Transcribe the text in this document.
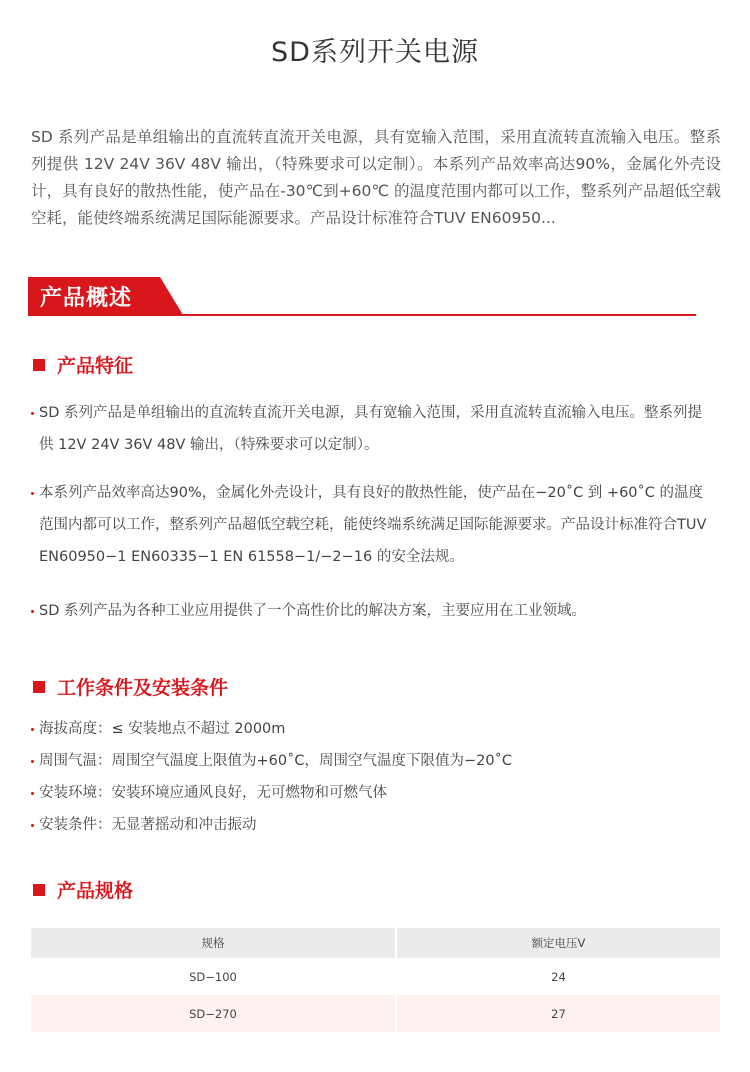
SD系列开关电源
SD 系列产品是单组输出的直流转直流开关电源，具有宽输入范围，采用直流转直流输入电压。整系列提供 12V 24V 36V 48V 输出，（特殊要求可以定制）。本系列产品效率高达90%，金属化外壳设计，具有良好的散热性能，使产品在-30℃到+60℃ 的温度范围内都可以工作，整系列产品超低空载空耗，能使终端系统满足国际能源要求。产品设计标准符合TUV EN60950...
产品概述
产品特征
SD 系列产品是单组输出的直流转直流开关电源，具有宽输入范围，采用直流转直流输入电压。整系列提供 12V 24V 36V 48V 输出，（特殊要求可以定制）。
本系列产品效率高达90%，金属化外壳设计，具有良好的散热性能，使产品在−20˚C 到 +60˚C 的温度范围内都可以工作，整系列产品超低空载空耗，能使终端系统满足国际能源要求。产品设计标准符合TUV EN60950−1 EN60335−1 EN 61558−1/−2−16 的安全法规。
SD 系列产品为各种工业应用提供了一个高性价比的解决方案，主要应用在工业领域。
工作条件及安装条件
海拔高度：≤ 安装地点不超过 2000m
周围气温：周围空气温度上限值为+60˚C，周围空气温度下限值为−20˚C
安装环境：安装环境应通风良好，无可燃物和可燃气体
安装条件：无显著摇动和冲击振动
产品规格
规格	额定电压V
SD−100	24
SD−270	27
